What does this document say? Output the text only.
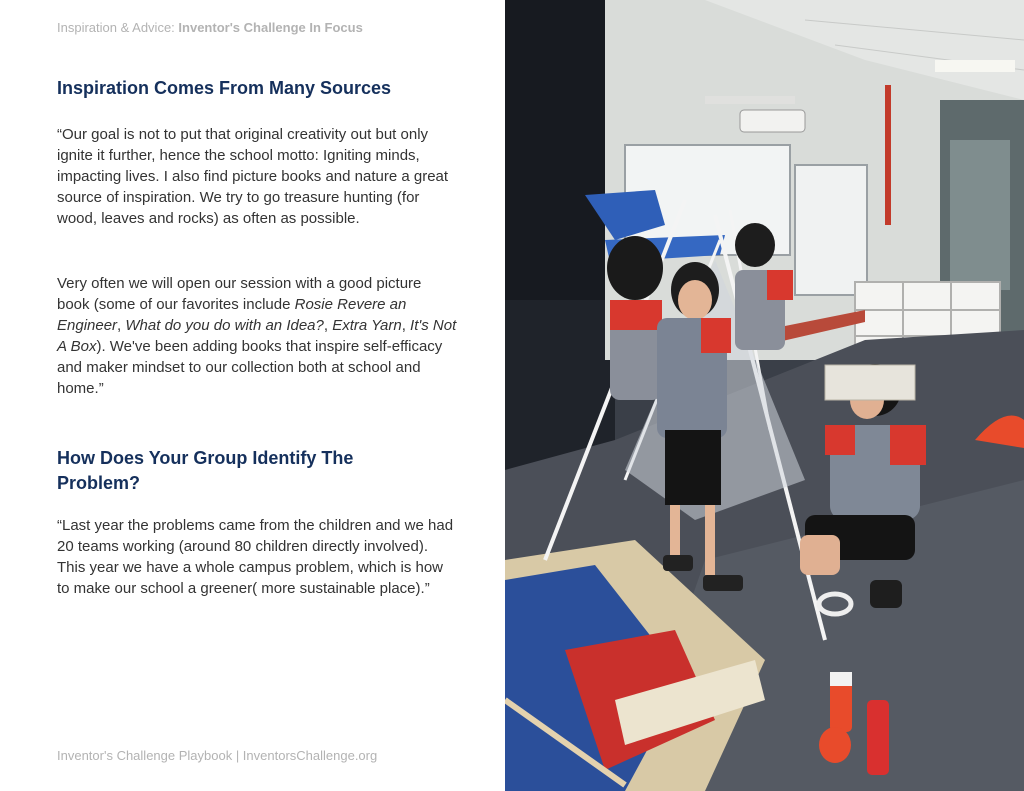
Inspiration & Advice: Inventor's Challenge In Focus
Inspiration Comes From Many Sources

“Our goal is not to put that original creativity out but only ignite it further, hence the school motto: Igniting minds, impacting lives. I also find picture books and nature a great source of inspiration. We try to go treasure hunting (for wood, leaves and rocks) as often as possible.

Very often we will open our session with a good picture book (some of our favorites include Rosie Revere an Engineer, What do you do with an Idea?, Extra Yarn, It's Not A Box). We've been adding books that inspire self-efficacy and maker mindset to our collection both at school and home.”

How Does Your Group Identify The Problem?

“Last year the problems came from the children and we had 20 teams working (around 80 children directly involved). This year we have a whole campus problem, which is how to make our school a greener( more sustainable place).”

Inventor's Challenge Playbook | InventorsChallenge.org
